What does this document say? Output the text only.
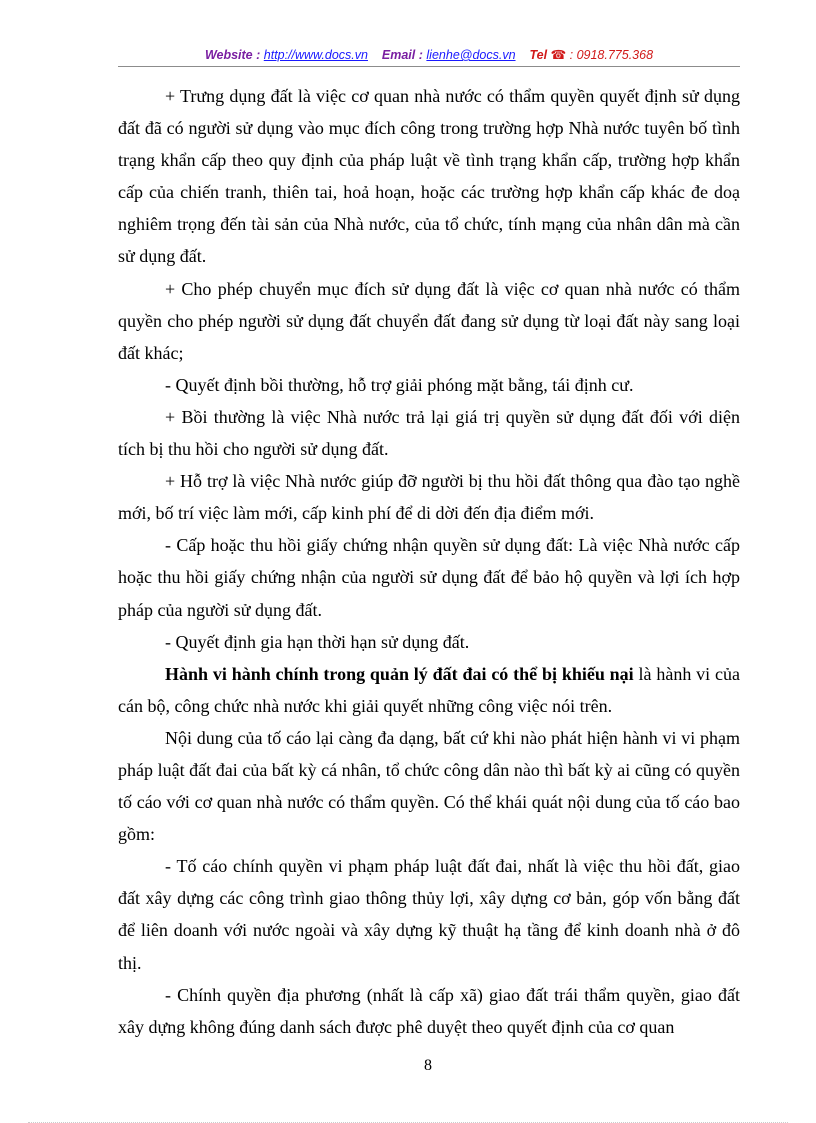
Website : http://www.docs.vn Email : lienhe@docs.vn Tel ☎ : 0918.775.368

+ Trưng dụng đất là việc cơ quan nhà nước có thẩm quyền quyết định sử dụng đất đã có người sử dụng vào mục đích công trong trường hợp Nhà nước tuyên bố tình trạng khẩn cấp theo quy định của pháp luật về tình trạng khẩn cấp, trường hợp khẩn cấp của chiến tranh, thiên tai, hoả hoạn, hoặc các trường hợp khẩn cấp khác đe doạ nghiêm trọng đến tài sản của Nhà nước, của tổ chức, tính mạng của nhân dân mà cần sử dụng đất.

+ Cho phép chuyển mục đích sử dụng đất là việc cơ quan nhà nước có thẩm quyền cho phép người sử dụng đất chuyển đất đang sử dụng từ loại đất này sang loại đất khác;

- Quyết định bồi thường, hỗ trợ giải phóng mặt bằng, tái định cư.

+ Bồi thường là việc Nhà nước trả lại giá trị quyền sử dụng đất đối với diện tích bị thu hồi cho người sử dụng đất.

+ Hỗ trợ là việc Nhà nước giúp đỡ người bị thu hồi đất thông qua đào tạo nghề mới, bố trí việc làm mới, cấp kinh phí để di dời đến địa điểm mới.

- Cấp hoặc thu hồi giấy chứng nhận quyền sử dụng đất: Là việc Nhà nước cấp hoặc thu hồi giấy chứng nhận của người sử dụng đất để bảo hộ quyền và lợi ích hợp pháp của người sử dụng đất.

- Quyết định gia hạn thời hạn sử dụng đất.

Hành vi hành chính trong quản lý đất đai có thể bị khiếu nại là hành vi của cán bộ, công chức nhà nước khi giải quyết những công việc nói trên.

Nội dung của tố cáo lại càng đa dạng, bất cứ khi nào phát hiện hành vi vi phạm pháp luật đất đai của bất kỳ cá nhân, tổ chức công dân nào thì bất kỳ ai cũng có quyền tố cáo với cơ quan nhà nước có thẩm quyền. Có thể khái quát nội dung của tố cáo bao gồm:

- Tố cáo chính quyền vi phạm pháp luật đất đai, nhất là việc thu hồi đất, giao đất xây dựng các công trình giao thông thủy lợi, xây dựng cơ bản, góp vốn bằng đất để liên doanh với nước ngoài và xây dựng kỹ thuật hạ tầng để kinh doanh nhà ở đô thị.

- Chính quyền địa phương (nhất là cấp xã) giao đất trái thẩm quyền, giao đất xây dựng không đúng danh sách được phê duyệt theo quyết định của cơ quan

8
